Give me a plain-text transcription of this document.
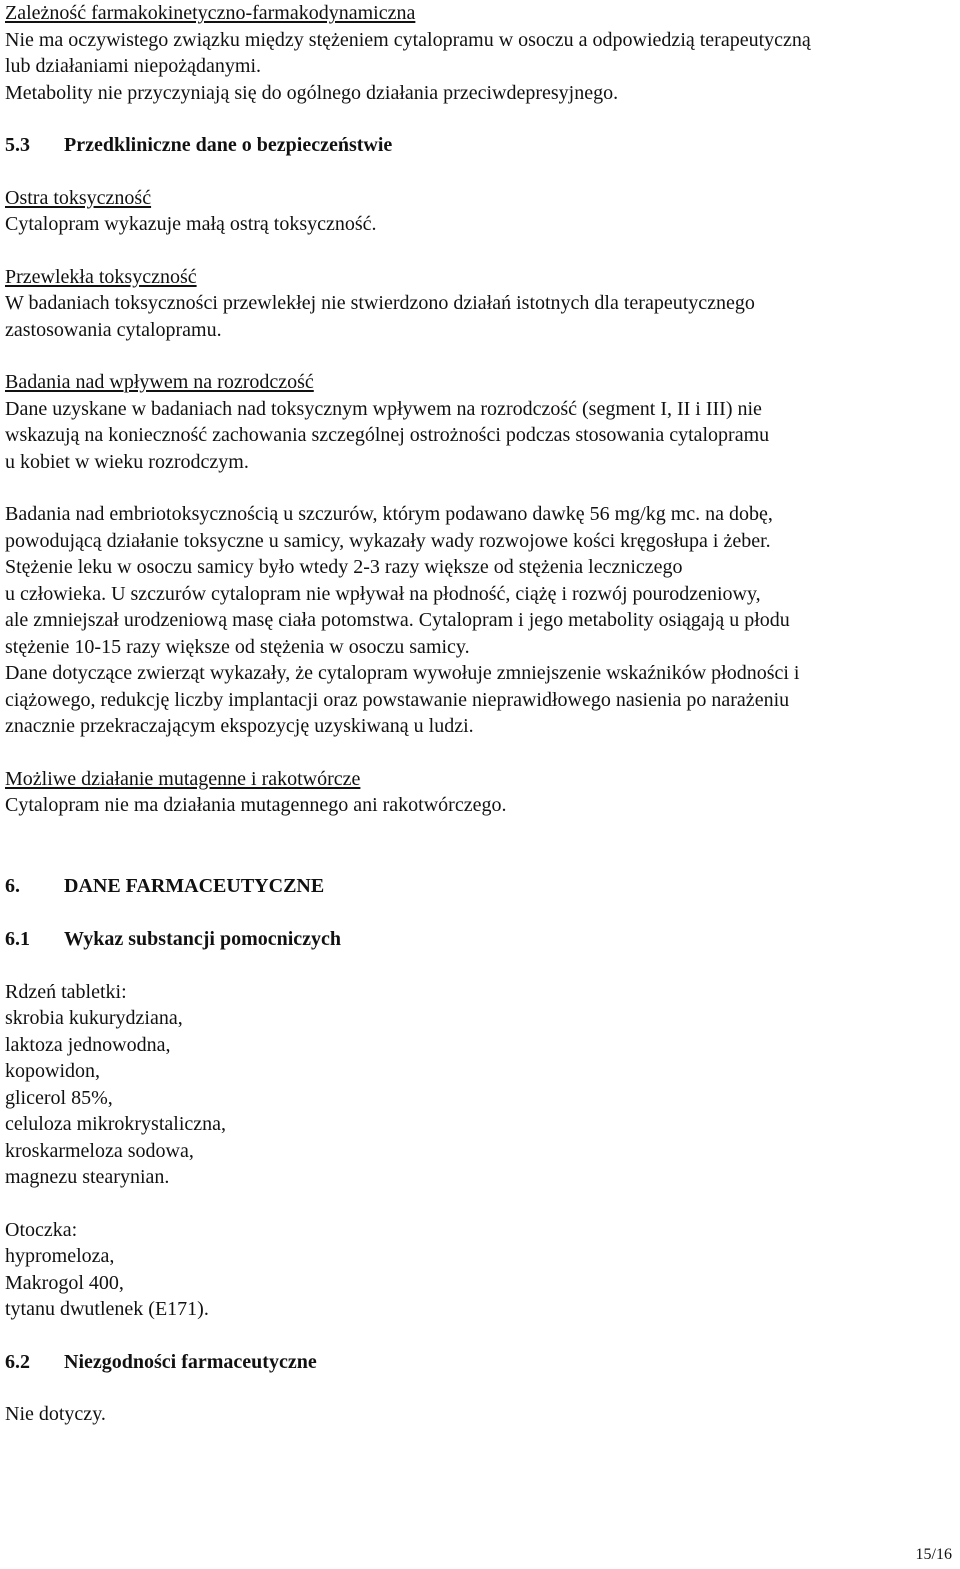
Zależność farmakokinetyczno-farmakodynamiczna

Nie ma oczywistego związku między stężeniem cytalopramu w osoczu a odpowiedzią terapeutyczną

lub działaniami niepożądanymi.

Metabolity nie przyczyniają się do ogólnego działania przeciwdepresyjnego.

5.3	Przedkliniczne dane o bezpieczeństwie

Ostra toksyczność

Cytalopram wykazuje małą ostrą toksyczność.

Przewlekła toksyczność

W badaniach toksyczności przewlekłej nie stwierdzono działań istotnych dla terapeutycznego

zastosowania cytalopramu.

Badania nad wpływem na rozrodczość

Dane uzyskane w badaniach nad toksycznym wpływem na rozrodczość (segment I, II i III) nie

wskazują na konieczność zachowania szczególnej ostrożności podczas stosowania cytalopramu

u kobiet w wieku rozrodczym.

Badania nad embriotoksycznością u szczurów, którym podawano dawkę 56 mg/kg mc. na dobę,

powodującą działanie toksyczne u samicy, wykazały wady rozwojowe kości kręgosłupa i żeber.

Stężenie leku w osoczu samicy było wtedy 2-3 razy większe od stężenia leczniczego

u człowieka. U szczurów cytalopram nie wpływał na płodność, ciążę i rozwój pourodzeniowy,

ale zmniejszał urodzeniową masę ciała potomstwa. Cytalopram i jego metabolity osiągają u płodu

stężenie 10-15 razy większe od stężenia w osoczu samicy.

Dane dotyczące zwierząt wykazały, że cytalopram wywołuje zmniejszenie wskaźników płodności i

ciążowego, redukcję liczby implantacji oraz powstawanie nieprawidłowego nasienia po narażeniu

znacznie przekraczającym ekspozycję uzyskiwaną u ludzi.

Możliwe działanie mutagenne i rakotwórcze

Cytalopram nie ma działania mutagennego ani rakotwórczego.

6.	DANE FARMACEUTYCZNE
6.1	Wykaz substancji pomocniczych

Rdzeń tabletki:

skrobia kukurydziana,
laktoza jednowodna,
kopowidon,
glicerol 85%,
celuloza mikrokrystaliczna,
kroskarmeloza sodowa,
magnezu stearynian.

Otoczka:

hypromeloza,
Makrogol 400,
tytanu dwutlenek (E171).
6.2	Niezgodności farmaceutyczne

Nie dotyczy.

15/16
